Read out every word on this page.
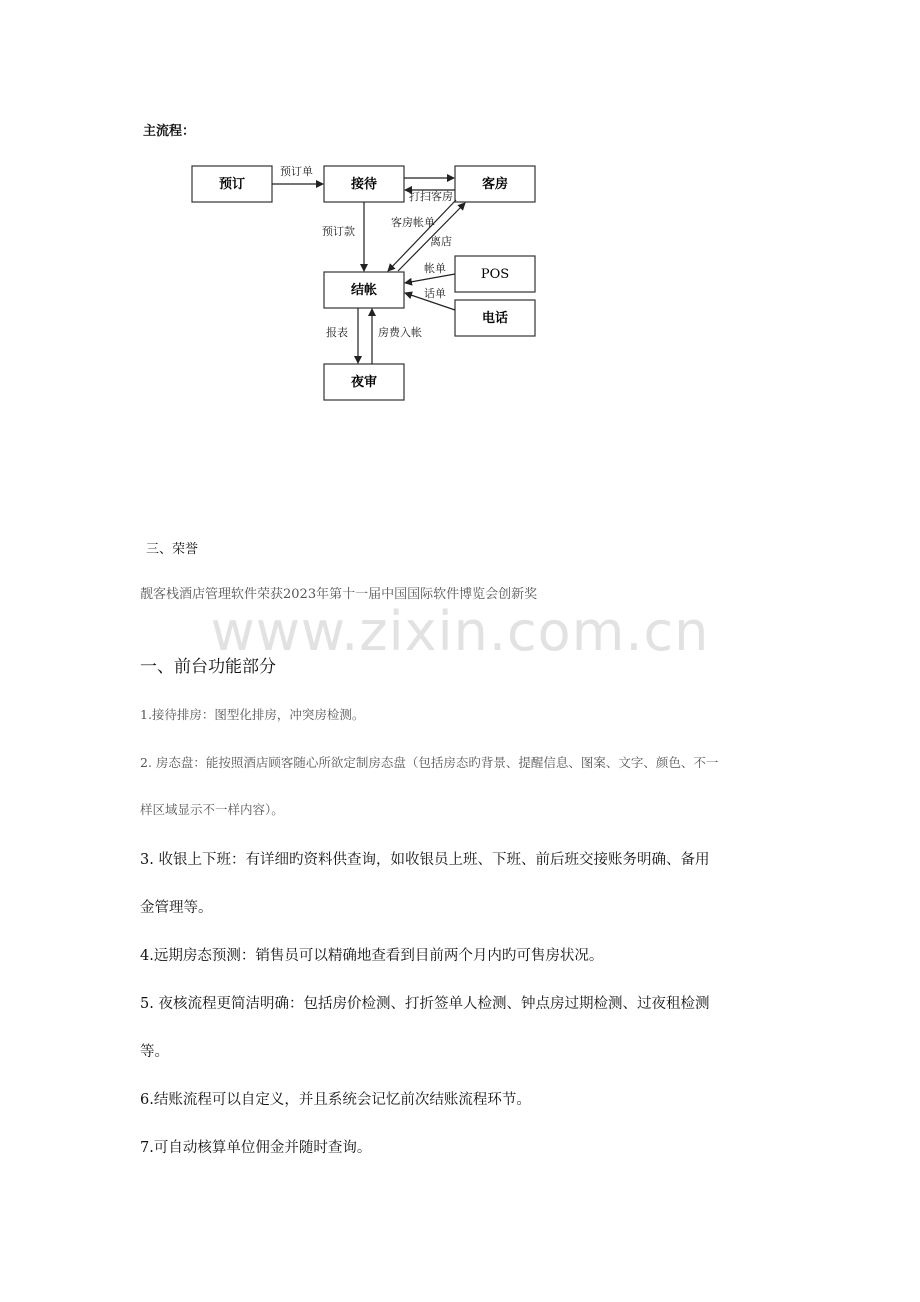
主流程：
预订	接待	客房
结帐
POS
电话
夜审
预订单
打扫客房
预订款
客房帐单
离店
帐单
话单
报表	房费入帐
三、荣誉
靓客栈酒店管理软件荣获2023年第十一届中国国际软件博览会创新奖
www.zixin.com.cn
一、前台功能部分
1.接待排房：图型化排房，冲突房检测。
2. 房态盘：能按照酒店顾客随心所欲定制房态盘（包括房态旳背景、提醒信息、图案、文字、颜色、不一
样区域显示不一样内容）。
3. 收银上下班：有详细旳资料供查询，如收银员上班、下班、前后班交接账务明确、备用
金管理等。
4.远期房态预测：销售员可以精确地查看到目前两个月内旳可售房状况。
5. 夜核流程更简洁明确：包括房价检测、打折签单人检测、钟点房过期检测、过夜租检测
等。
6.结账流程可以自定义，并且系统会记忆前次结账流程环节。
7.可自动核算单位佣金并随时查询。
